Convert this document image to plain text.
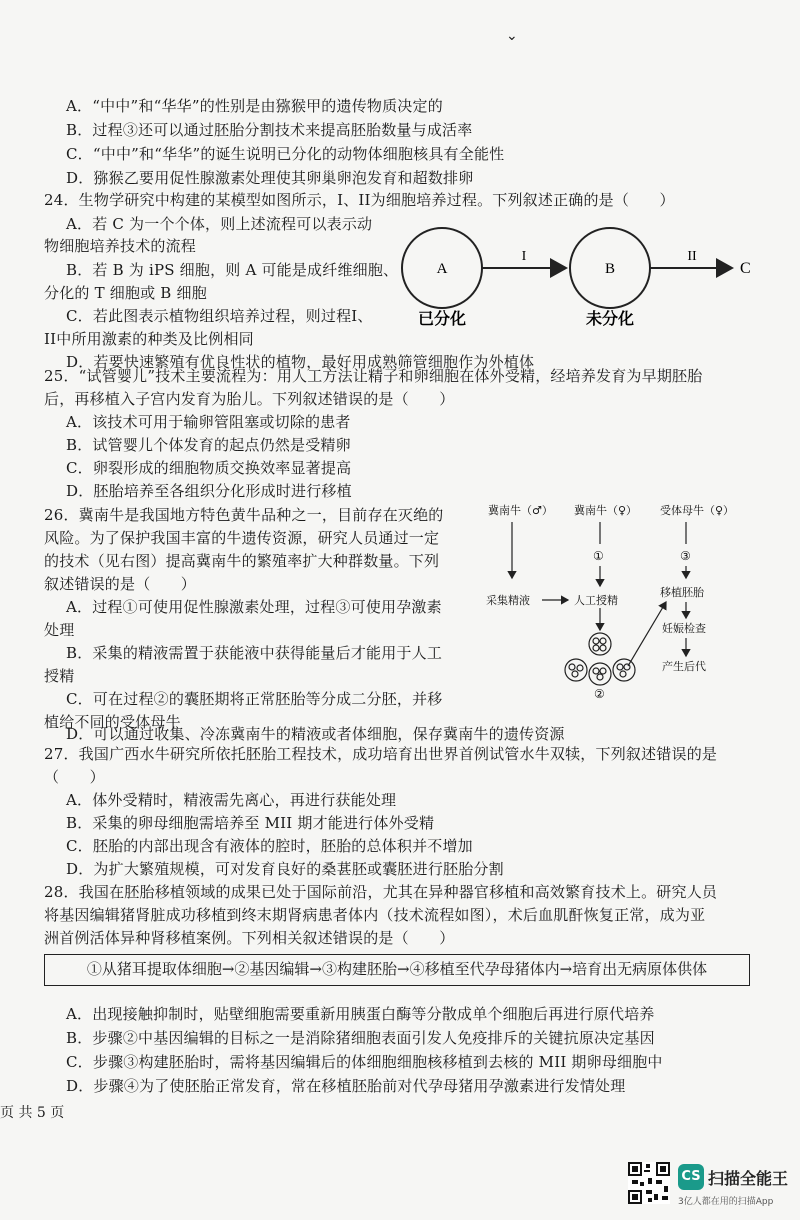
⌄
A．“中中”和“华华”的性别是由猕猴甲的遗传物质决定的
B．过程③还可以通过胚胎分割技术来提高胚胎数量与成活率
C．“中中”和“华华”的诞生说明已分化的动物体细胞核具有全能性
D．猕猴乙要用促性腺激素处理使其卵巢卵泡发育和超数排卵
24．生物学研究中构建的某模型如图所示，I、II为细胞培养过程。下列叙述正确的是（　　）
A．若 C 为一个个体，则上述流程可以表示动
物细胞培养技术的流程
B．若 B 为 iPS 细胞，则 A 可能是成纤维细胞、
分化的 T 细胞或 B 细胞
C．若此图表示植物组织培养过程，则过程I、
II中所用激素的种类及比例相同
D．若要快速繁殖有优良性状的植物，最好用成熟筛管细胞作为外植体
A	B
I	II
C
已分化	未分化
25．“试管婴儿”技术主要流程为：用人工方法让精子和卵细胞在体外受精，经培养发育为早期胚胎
后，再移植入子宫内发育为胎儿。下列叙述错误的是（　　）
A．该技术可用于输卵管阻塞或切除的患者
B．试管婴儿个体发育的起点仍然是受精卵
C．卵裂形成的细胞物质交换效率显著提高
D．胚胎培养至各组织分化形成时进行移植
26．冀南牛是我国地方特色黄牛品种之一，目前存在灭绝的
风险。为了保护我国丰富的牛遗传资源，研究人员通过一定
的技术（见右图）提高冀南牛的繁殖率扩大种群数量。下列
叙述错误的是（　　）
A．过程①可使用促性腺激素处理，过程③可使用孕激素
处理
B．采集的精液需置于获能液中获得能量后才能用于人工
授精
C．可在过程②的囊胚期将正常胚胎等分成二分胚，并移
植给不同的受体母牛
D．可以通过收集、冷冻冀南牛的精液或者体细胞，保存冀南牛的遗传资源
冀南牛（♂） 冀南牛（♀） 受体母牛（♀）
采集精液	人工授精
移植胚胎
妊娠检查
产生后代
①	③
②
27．我国广西水牛研究所依托胚胎工程技术，成功培育出世界首例试管水牛双犊，下列叙述错误的是
（　　）
A．体外受精时，精液需先离心，再进行获能处理
B．采集的卵母细胞需培养至 MII 期才能进行体外受精
C．胚胎的内部出现含有液体的腔时，胚胎的总体积并不增加
D．为扩大繁殖规模，可对发育良好的桑葚胚或囊胚进行胚胎分割
28．我国在胚胎移植领域的成果已处于国际前沿，尤其在异种器官移植和高效繁育技术上。研究人员
将基因编辑猪肾脏成功移植到终末期肾病患者体内（技术流程如图），术后血肌酐恢复正常，成为亚
洲首例活体异种肾移植案例。下列相关叙述错误的是（　　）
①从猪耳提取体细胞→②基因编辑→③构建胚胎→④移植至代孕母猪体内→培育出无病原体供体
A．出现接触抑制时，贴壁细胞需要重新用胰蛋白酶等分散成单个细胞后再进行原代培养
B．步骤②中基因编辑的目标之一是消除猪细胞表面引发人免疫排斥的关键抗原决定基因
C．步骤③构建胚胎时，需将基因编辑后的体细胞细胞核移植到去核的 MII 期卵母细胞中
D．步骤④为了使胚胎正常发育，常在移植胚胎前对代孕母猪用孕激素进行发情处理
页 共 5 页
CS 扫描全能王
3亿人都在用的扫描App
